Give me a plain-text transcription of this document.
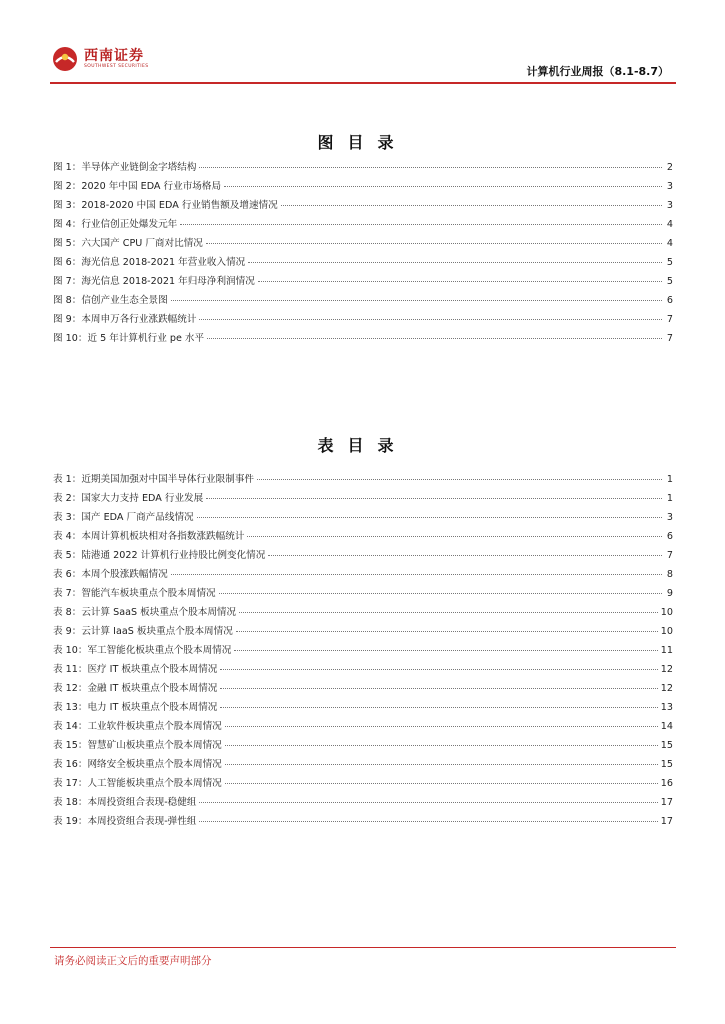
西南证券
SOUTHWEST SECURITIES	计算机行业周报（8.1-8.7）
图目录
图 1：半导体产业链倒金字塔结构	2
图 2：2020 年中国 EDA 行业市场格局	3
图 3：2018-2020 中国 EDA 行业销售额及增速情况	3
图 4：行业信创正处爆发元年	4
图 5：六大国产 CPU 厂商对比情况	4
图 6：海光信息 2018-2021 年营业收入情况	5
图 7：海光信息 2018-2021 年归母净利润情况	5
图 8：信创产业生态全景图	6
图 9：本周申万各行业涨跌幅统计	7
图 10：近 5 年计算机行业 pe 水平	7
表目录
表 1：近期美国加强对中国半导体行业限制事件	1
表 2：国家大力支持 EDA 行业发展	1
表 3：国产 EDA 厂商产品线情况	3
表 4：本周计算机板块相对各指数涨跌幅统计	6
表 5：陆港通 2022 计算机行业持股比例变化情况	7
表 6：本周个股涨跌幅情况	8
表 7：智能汽车板块重点个股本周情况	9
表 8：云计算 SaaS 板块重点个股本周情况	10
表 9：云计算 IaaS 板块重点个股本周情况	10
表 10：军工智能化板块重点个股本周情况	11
表 11：医疗 IT 板块重点个股本周情况	12
表 12：金融 IT 板块重点个股本周情况	12
表 13：电力 IT 板块重点个股本周情况	13
表 14：工业软件板块重点个股本周情况	14
表 15：智慧矿山板块重点个股本周情况	15
表 16：网络安全板块重点个股本周情况	15
表 17：人工智能板块重点个股本周情况	16
表 18：本周投资组合表现-稳健组	17
表 19：本周投资组合表现-弹性组	17
请务必阅读正文后的重要声明部分
